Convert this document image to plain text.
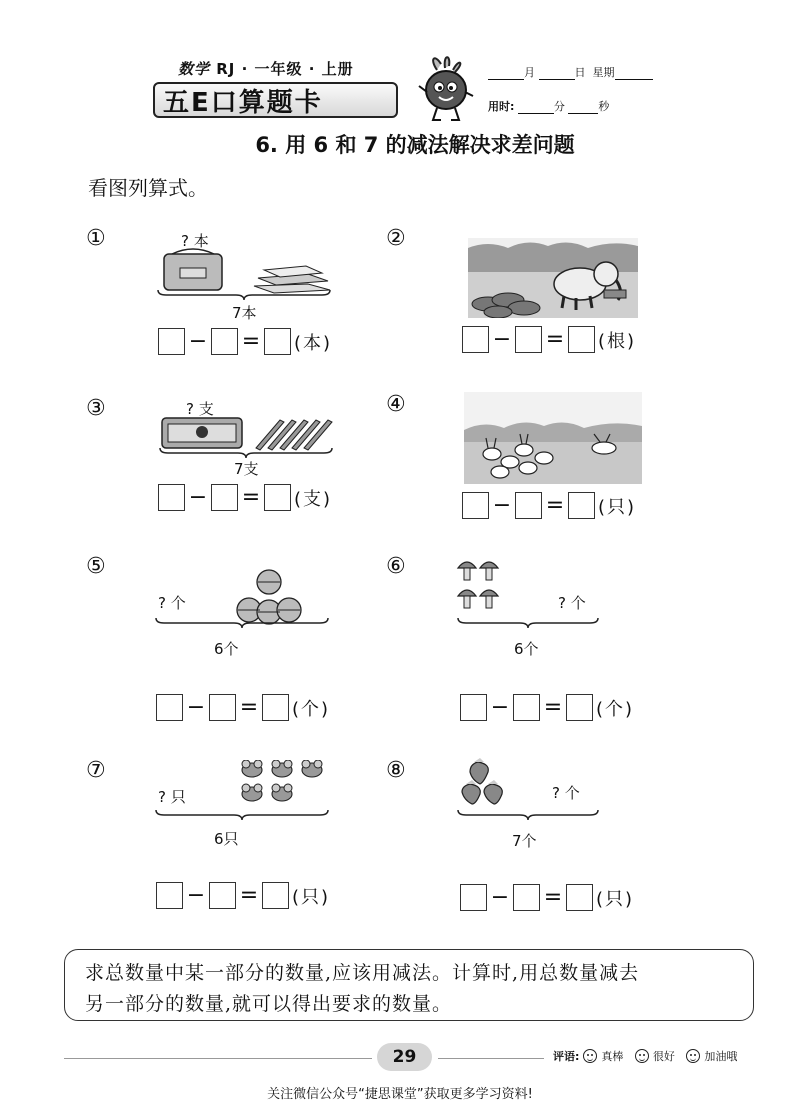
数学 RJ · 一年级 · 上册
五E口算题卡
月	日 星期
用时:	分	秒
6. 用 6 和 7 的减法解决求差问题
看图列算式。
①	? 本
7本
− = (本)
②
− = (根)
③	? 支
7支
− = (支)
④
− = (只)
⑤
? 个
6个
− = (个)
⑥
? 个
6个
− = (个)
⑦
? 只
6只
− = (只)
⑧
? 个
7个
− = (只)
求总数量中某一部分的数量,应该用减法。计算时,用总数量减去
另一部分的数量,就可以得出要求的数量。
29	评语: 真棒
	很好
	加油哦
关注微信公众号“捷思课堂”获取更多学习资料!
